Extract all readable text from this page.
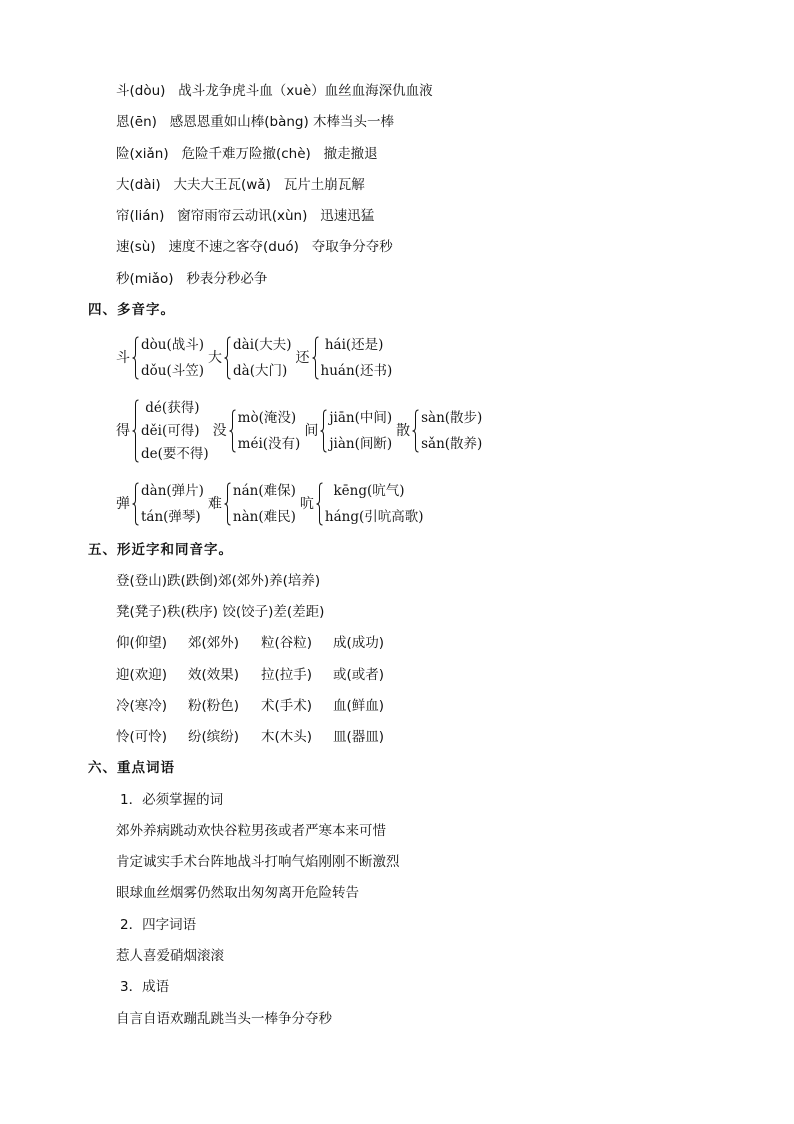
斗(dòu)   战斗龙争虎斗血（xuè）血丝血海深仇血液
恩(ēn)   感恩恩重如山棒(bàng) 木棒当头一棒
险(xiǎn)   危险千难万险撤(chè)   撤走撤退
大(dài)   大夫大王瓦(wǎ)   瓦片土崩瓦解
帘(lián)   窗帘雨帘云动讯(xùn)   迅速迅猛
速(sù)   速度不速之客夺(duó)   夺取争分夺秒
秒(miǎo)   秒表分秒必争
四、多音字。
斗
dòu(战斗)
dǒu(斗笠)
大
dài(大夫)
dà(大门)
还
hái(还是)
huán(还书)
得
dé(获得)
děi(可得)
de(要不得)
没
mò(淹没)
méi(没有)
间
jiān(中间)
jiàn(间断)
散
sàn(散步)
sǎn(散养)
弹
dàn(弹片)
tán(弹琴)
难
nán(难保)
nàn(难民)
吭
kēng(吭气)
háng(引吭高歌)
五、形近字和同音字。
登(登山)跌(跌倒)郊(郊外)养(培养)
凳(凳子)秩(秩序) 饺(饺子)差(差距)
仰(仰望) 郊(郊外) 粒(谷粒) 成(成功)
迎(欢迎) 效(效果) 拉(拉手) 或(或者)
冷(寒冷) 粉(粉色) 术(手术) 血(鲜血)
怜(可怜) 纷(缤纷) 木(木头) 皿(器皿)
六、重点词语
1．必须掌握的词
郊外养病跳动欢快谷粒男孩或者严寒本来可惜
肯定诚实手术台阵地战斗打响气焰刚刚不断激烈
眼球血丝烟雾仍然取出匆匆离开危险转告
2．四字词语
惹人喜爱硝烟滚滚
3．成语
自言自语欢蹦乱跳当头一棒争分夺秒
